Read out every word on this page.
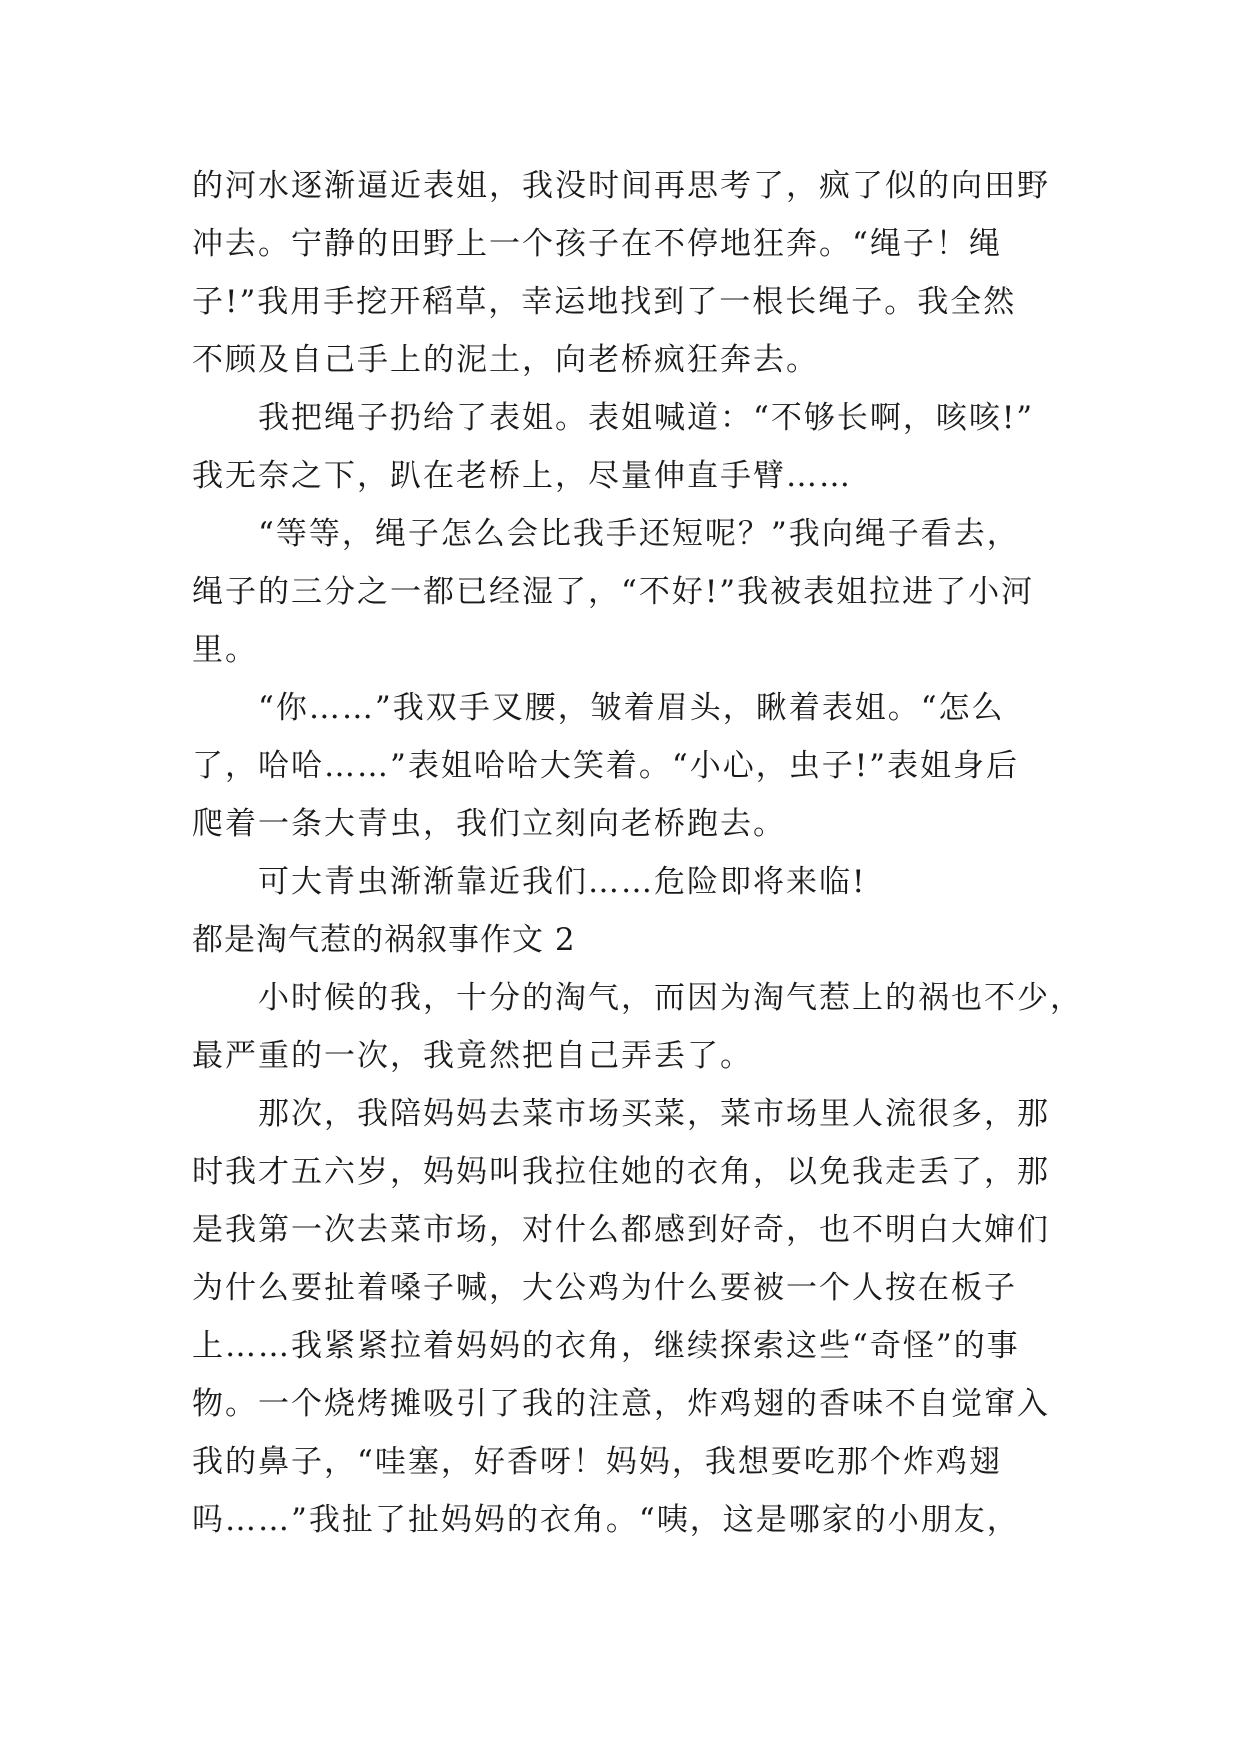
的河水逐渐逼近表姐，我没时间再思考了，疯了似的向田野
冲去。宁静的田野上一个孩子在不停地狂奔。“绳子！绳
子!”我用手挖开稻草，幸运地找到了一根长绳子。我全然
不顾及自己手上的泥土，向老桥疯狂奔去。
我把绳子扔给了表姐。表姐喊道：“不够长啊，咳咳!”
我无奈之下，趴在老桥上，尽量伸直手臂……
“等等，绳子怎么会比我手还短呢？”我向绳子看去，
绳子的三分之一都已经湿了，“不好!”我被表姐拉进了小河
里。
“你……”我双手叉腰，皱着眉头，瞅着表姐。“怎么
了，哈哈……”表姐哈哈大笑着。“小心，虫子!”表姐身后
爬着一条大青虫，我们立刻向老桥跑去。
可大青虫渐渐靠近我们……危险即将来临!
都是淘气惹的祸叙事作文 2
小时候的我，十分的淘气，而因为淘气惹上的祸也不少，
最严重的一次，我竟然把自己弄丢了。
那次，我陪妈妈去菜市场买菜，菜市场里人流很多，那
时我才五六岁，妈妈叫我拉住她的衣角，以免我走丢了，那
是我第一次去菜市场，对什么都感到好奇，也不明白大婶们
为什么要扯着嗓子喊，大公鸡为什么要被一个人按在板子
上……我紧紧拉着妈妈的衣角，继续探索这些“奇怪”的事
物。一个烧烤摊吸引了我的注意，炸鸡翅的香味不自觉窜入
我的鼻子，“哇塞，好香呀！妈妈，我想要吃那个炸鸡翅
吗……”我扯了扯妈妈的衣角。“咦，这是哪家的小朋友，
